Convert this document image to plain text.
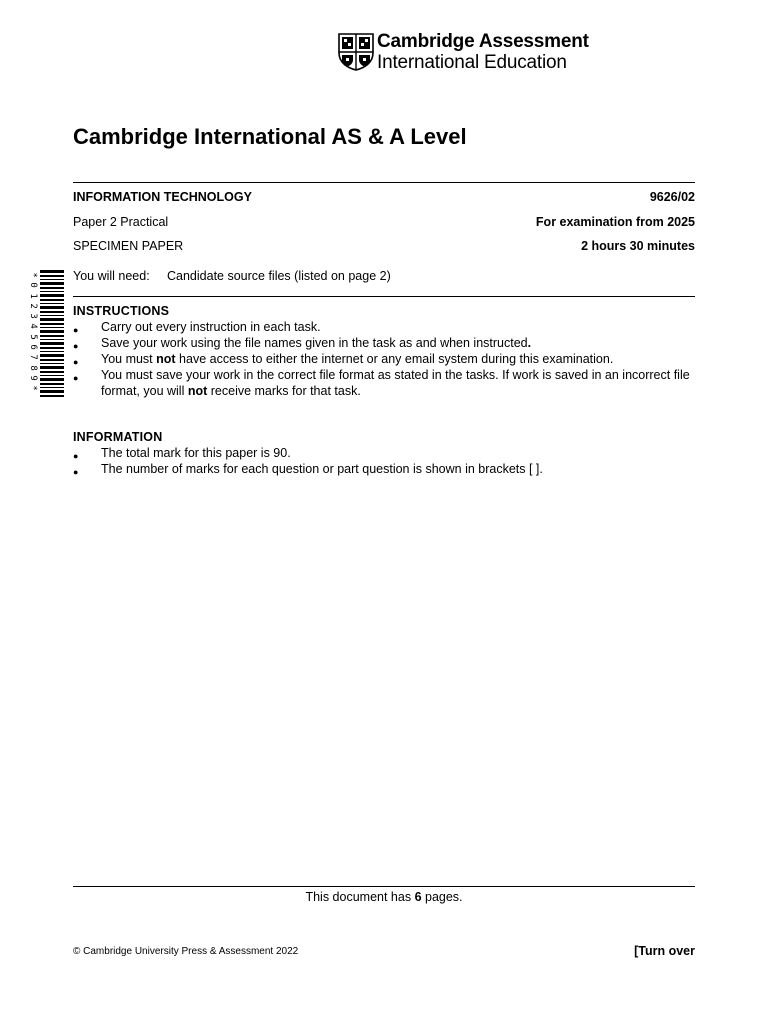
Cambridge Assessment
International Education
Cambridge International AS & A Level
INFORMATION TECHNOLOGY	9626/02
Paper 2 Practical	For examination from 2025
SPECIMEN PAPER	2 hours 30 minutes
*
0
1
2
3
4
5
6
7
8
9
*
You will need: Candidate source files (listed on page 2)
INSTRUCTIONS
● Carry out every instruction in each task.
● Save your work using the file names given in the task as and when instructed.
● You must not have access to either the internet or any email system during this examination.
● You must save your work in the correct file format as stated in the tasks. If work is saved in an incorrect file format, you will not receive marks for that task.
INFORMATION
● The total mark for this paper is 90.
● The number of marks for each question or part question is shown in brackets [ ].
This document has 6 pages.
© Cambridge University Press & Assessment 2022	[Turn over
